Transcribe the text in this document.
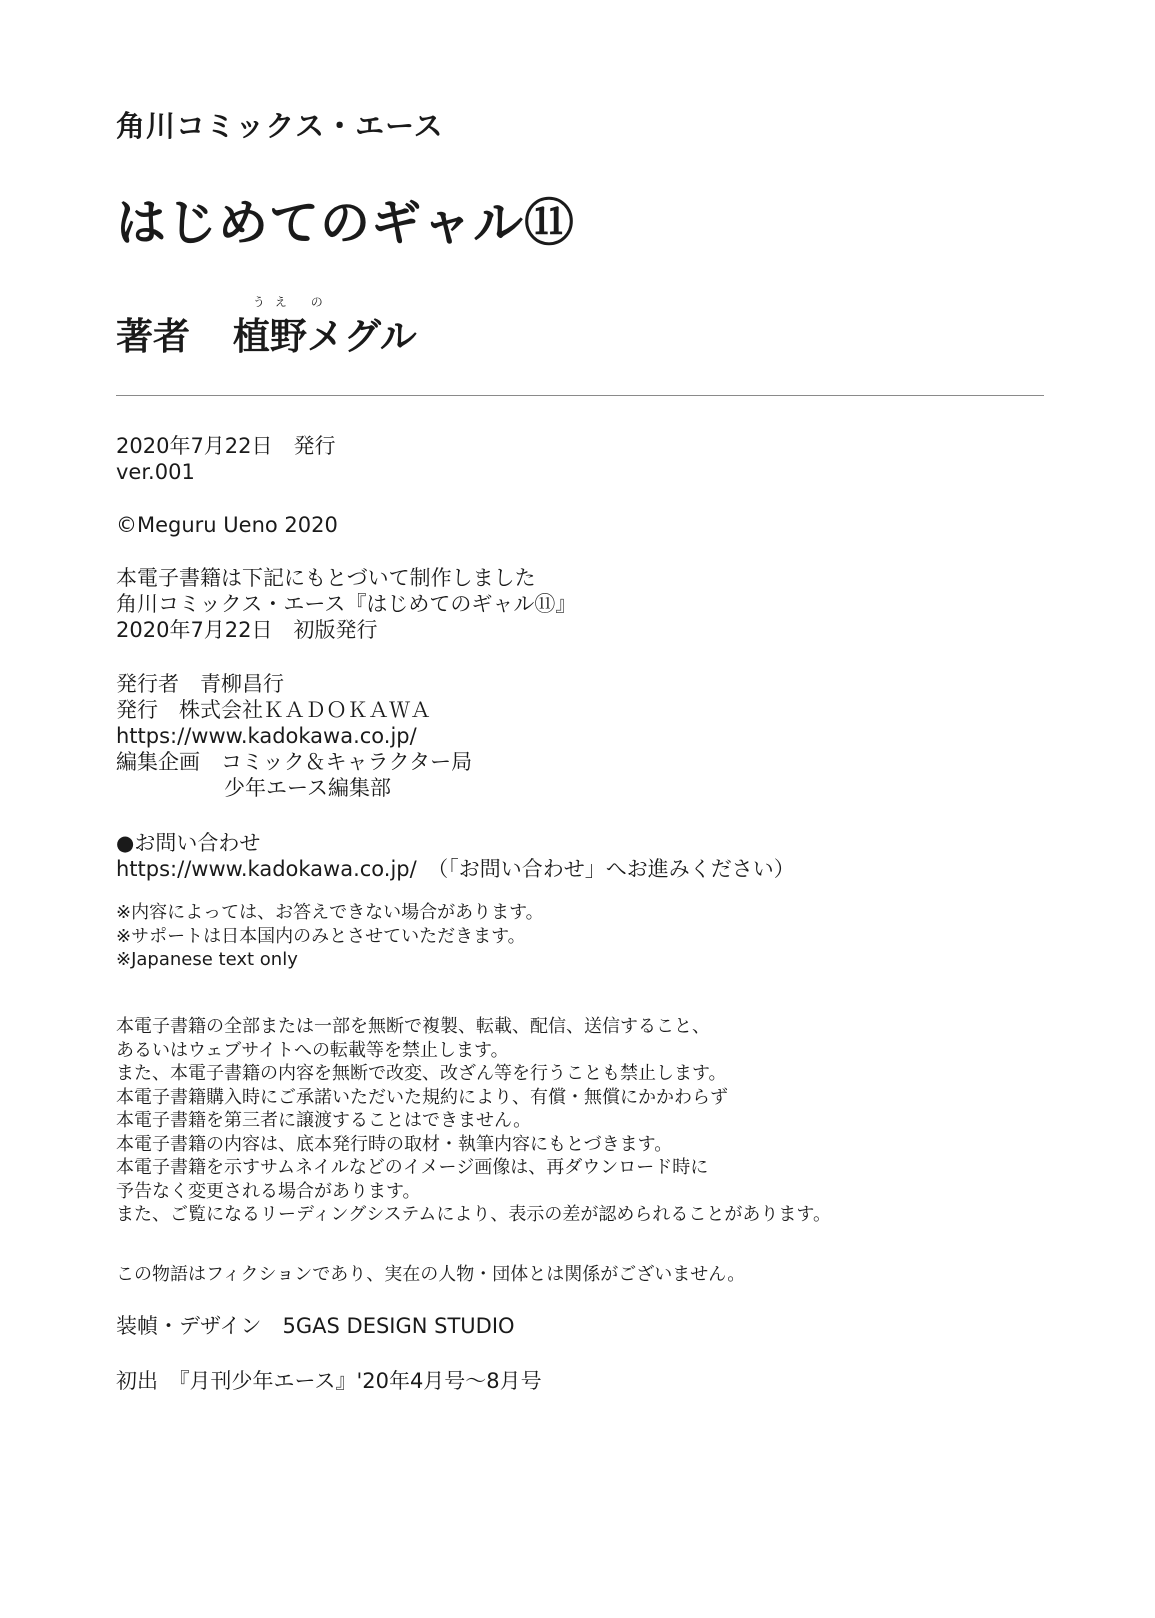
角川コミックス・エース
はじめてのギャル⑪
著者
うえ の
植野メグル
2020年7月22日　発行
ver.001
©Meguru Ueno 2020
本電子書籍は下記にもとづいて制作しました
角川コミックス・エース『はじめてのギャル⑪』
2020年7月22日　初版発行
発行者　青柳昌行
発行　株式会社ＫＡＤＯＫＡＷＡ
https://www.kadokawa.co.jp/
編集企画　コミック＆キャラクター局
少年エース編集部
●お問い合わせ
https://www.kadokawa.co.jp/　（「お問い合わせ」へお進みください）
※内容によっては、お答えできない場合があります。
※サポートは日本国内のみとさせていただきます。
※Japanese text only
本電子書籍の全部または一部を無断で複製、転載、配信、送信すること、
あるいはウェブサイトへの転載等を禁止します。
また、本電子書籍の内容を無断で改変、改ざん等を行うことも禁止します。
本電子書籍購入時にご承諾いただいた規約により、有償・無償にかかわらず
本電子書籍を第三者に譲渡することはできません。
本電子書籍の内容は、底本発行時の取材・執筆内容にもとづきます。
本電子書籍を示すサムネイルなどのイメージ画像は、再ダウンロード時に
予告なく変更される場合があります。
また、ご覧になるリーディングシステムにより、表示の差が認められることがあります。
この物語はフィクションであり、実在の人物・団体とは関係がございません。
装幀・デザイン　5GAS DESIGN STUDIO
初出　『月刊少年エース』'20年4月号～8月号
